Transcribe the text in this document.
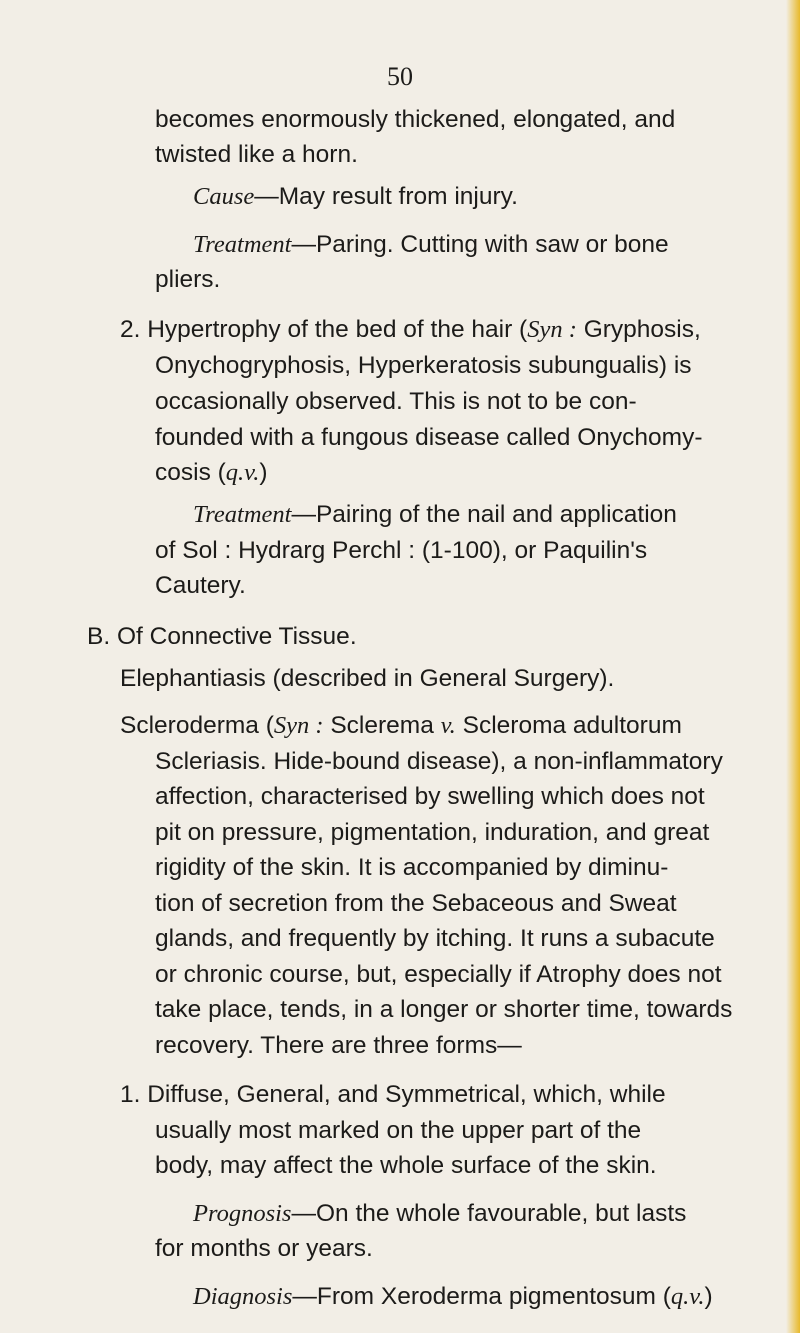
50
becomes enormously thickened, elongated, and
twisted like a horn.
Cause—May result from injury.
Treatment—Paring. Cutting with saw or bone
pliers.
2. Hypertrophy of the bed of the hair (Syn : Gryphosis,
Onychogryphosis, Hyperkeratosis subungualis) is
occasionally observed. This is not to be con-
founded with a fungous disease called Onychomy-
cosis (q.v.)
Treatment—Pairing of the nail and application
of Sol : Hydrarg Perchl : (1-100), or Paquilin's
Cautery.
B. Of Connective Tissue.
Elephantiasis (described in General Surgery).
Scleroderma (Syn : Sclerema v. Scleroma adultorum
Scleriasis. Hide-bound disease), a non-inflammatory
affection, characterised by swelling which does not
pit on pressure, pigmentation, induration, and great
rigidity of the skin. It is accompanied by diminu-
tion of secretion from the Sebaceous and Sweat
glands, and frequently by itching. It runs a subacute
or chronic course, but, especially if Atrophy does not
take place, tends, in a longer or shorter time, towards
recovery. There are three forms—
1. Diffuse, General, and Symmetrical, which, while
usually most marked on the upper part of the
body, may affect the whole surface of the skin.
Prognosis—On the whole favourable, but lasts
for months or years.
Diagnosis—From Xeroderma pigmentosum (q.v.)
